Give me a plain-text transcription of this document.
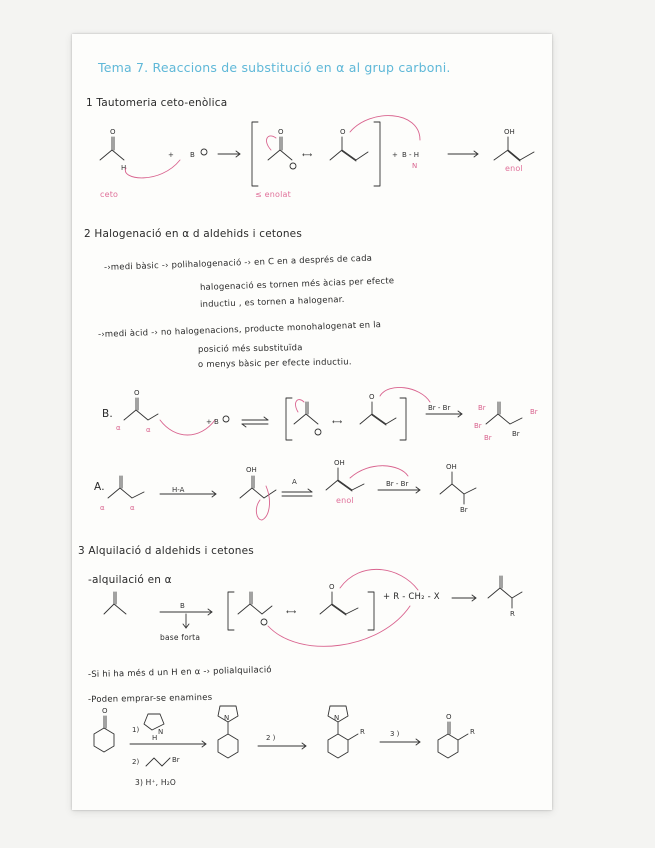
Tema 7. Reaccions de substitució en α al grup carboni.
1 Tautomeria ceto-enòlica
ceto	≤ enolat
enol
2 Halogenació en α d aldehids i cetones
-›medi bàsic -› polihalogenació -› en C en a després de cada
halogenació es tornen més àcias per efecte
inductiu , es tornen a halogenar.
-›medi àcid -› no halogenacions, producte monohalogenat en la
posició més substituïda
o menys bàsic per efecte inductiu.
B.
A.
enol
3 Alquilació d aldehids i cetones
-alquilació en α
base forta
+ R - CH₂ - X
-Si hi ha més d un H en α -› polialquilació
-Poden emprar-se enamines
3) H⁺, H₂O
O
H
+ B
O
⟷
O
+ B - H
N
OH
O
α	α
+ B	⟷
O
Br - Br	Br
Br
Br
Br
Br
α	α
H-A
OH
A
OH
Br - Br
OH
Br
B
⟷
O
R
O
1)
H
N
2)	Br
N
2 )
N
R	3 )
O
R
